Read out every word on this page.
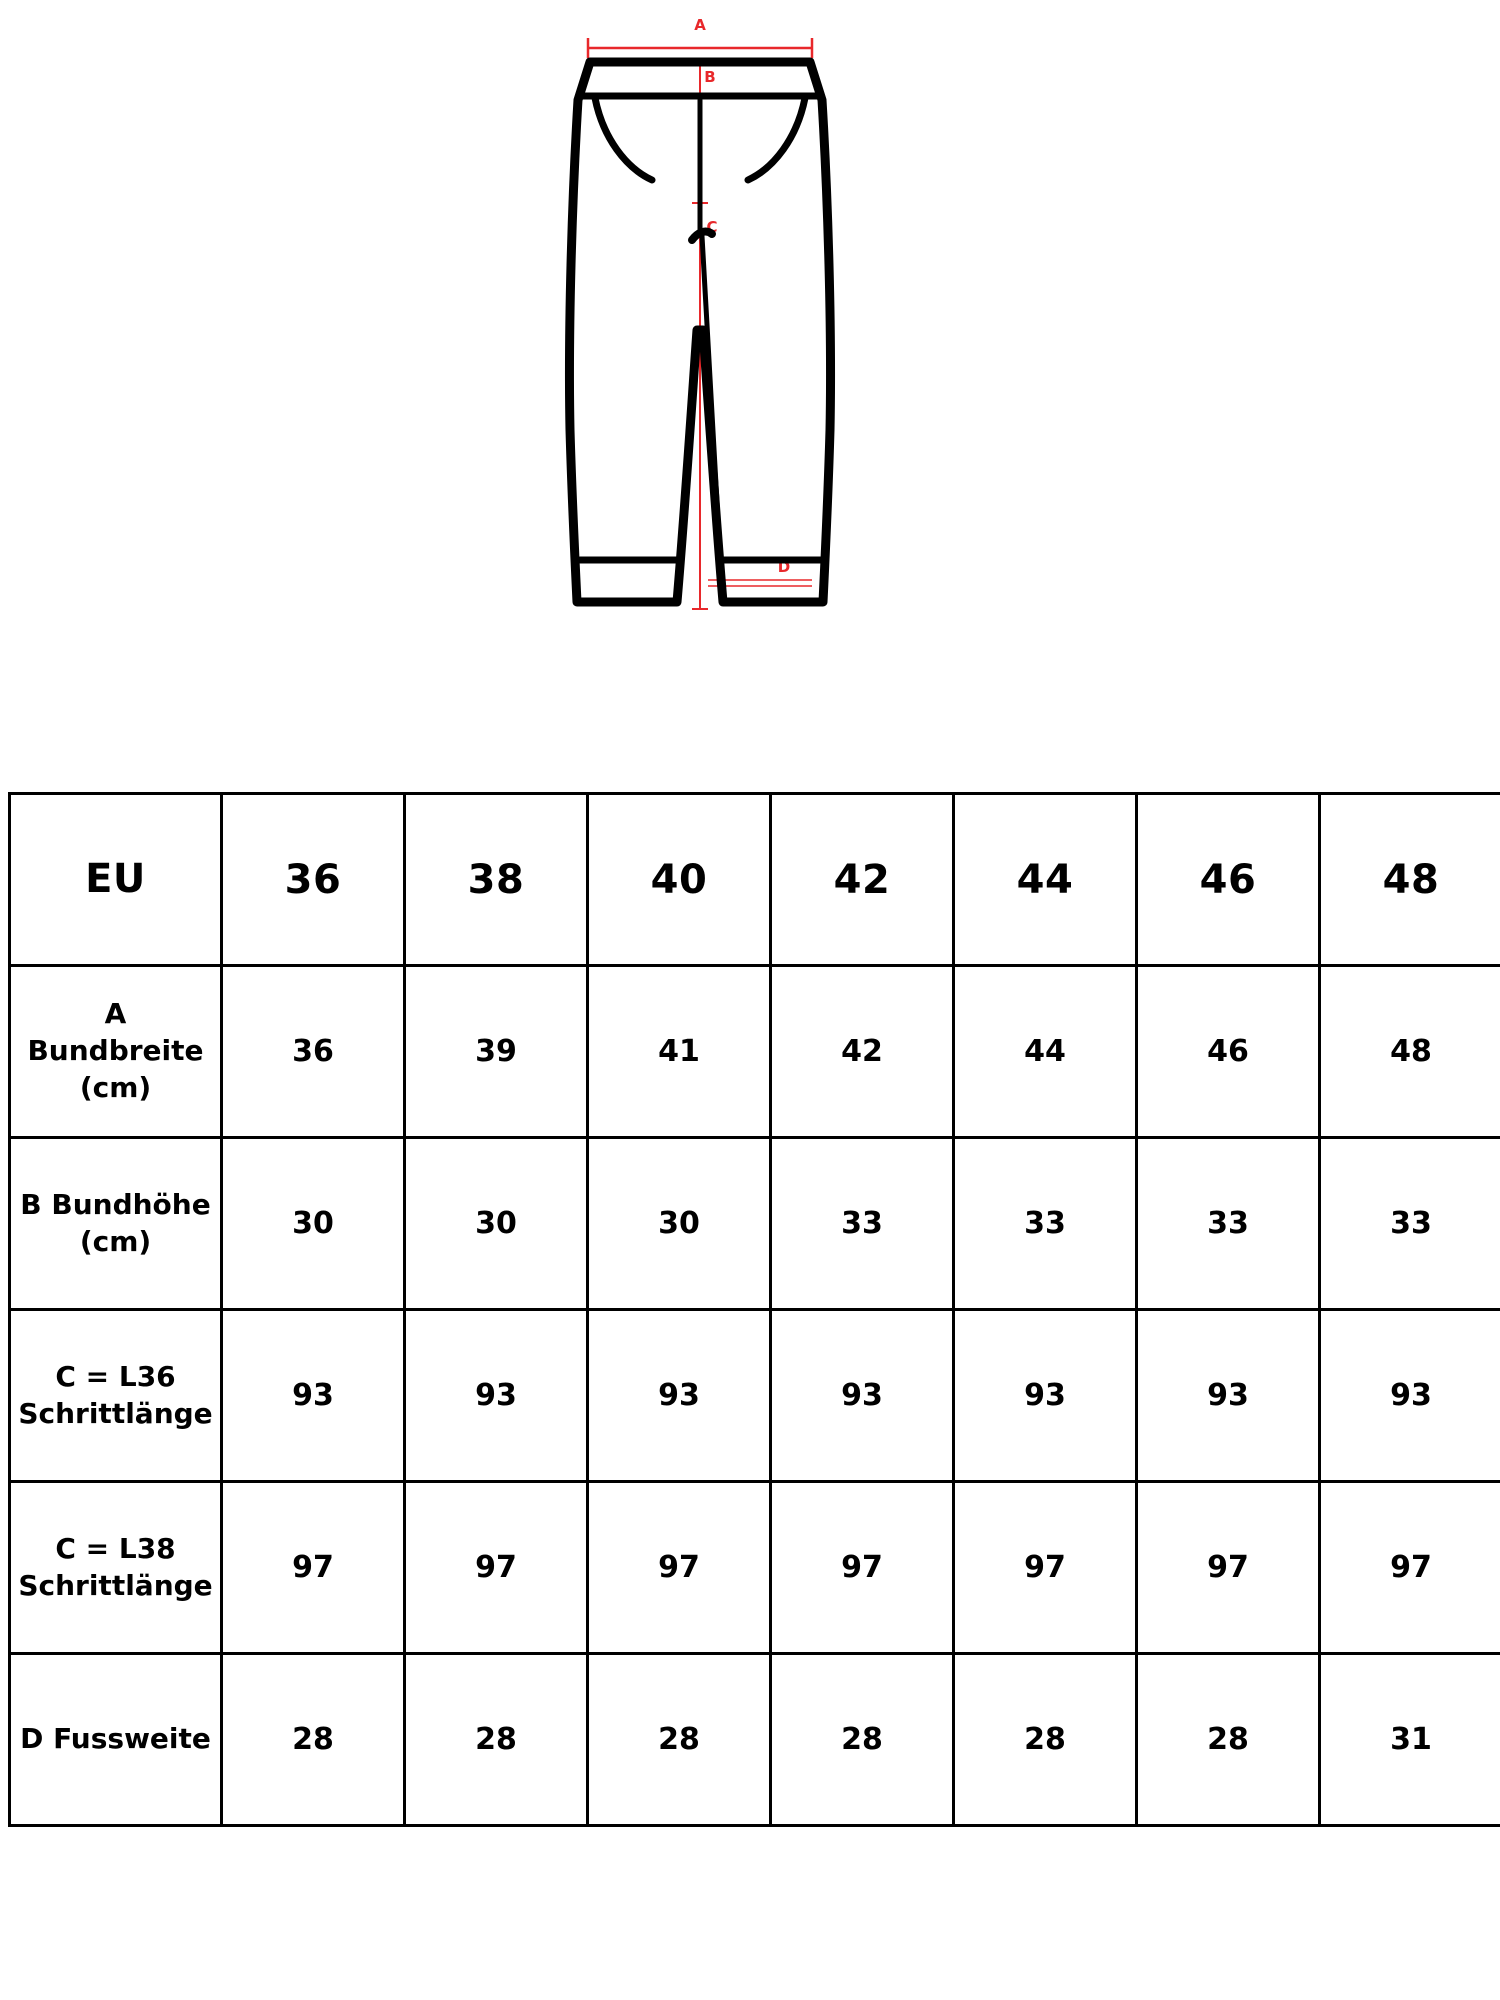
A
B
C
D
EU	36	38	40	42	44	46	48
A Bundbreite (cm)	36	39	41	42	44	46	48
B Bundhöhe (cm)	30	30	30	33	33	33	33
C = L36 Schrittlänge	93	93	93	93	93	93	93
C = L38 Schrittlänge	97	97	97	97	97	97	97
D Fussweite	28	28	28	28	28	28	31
